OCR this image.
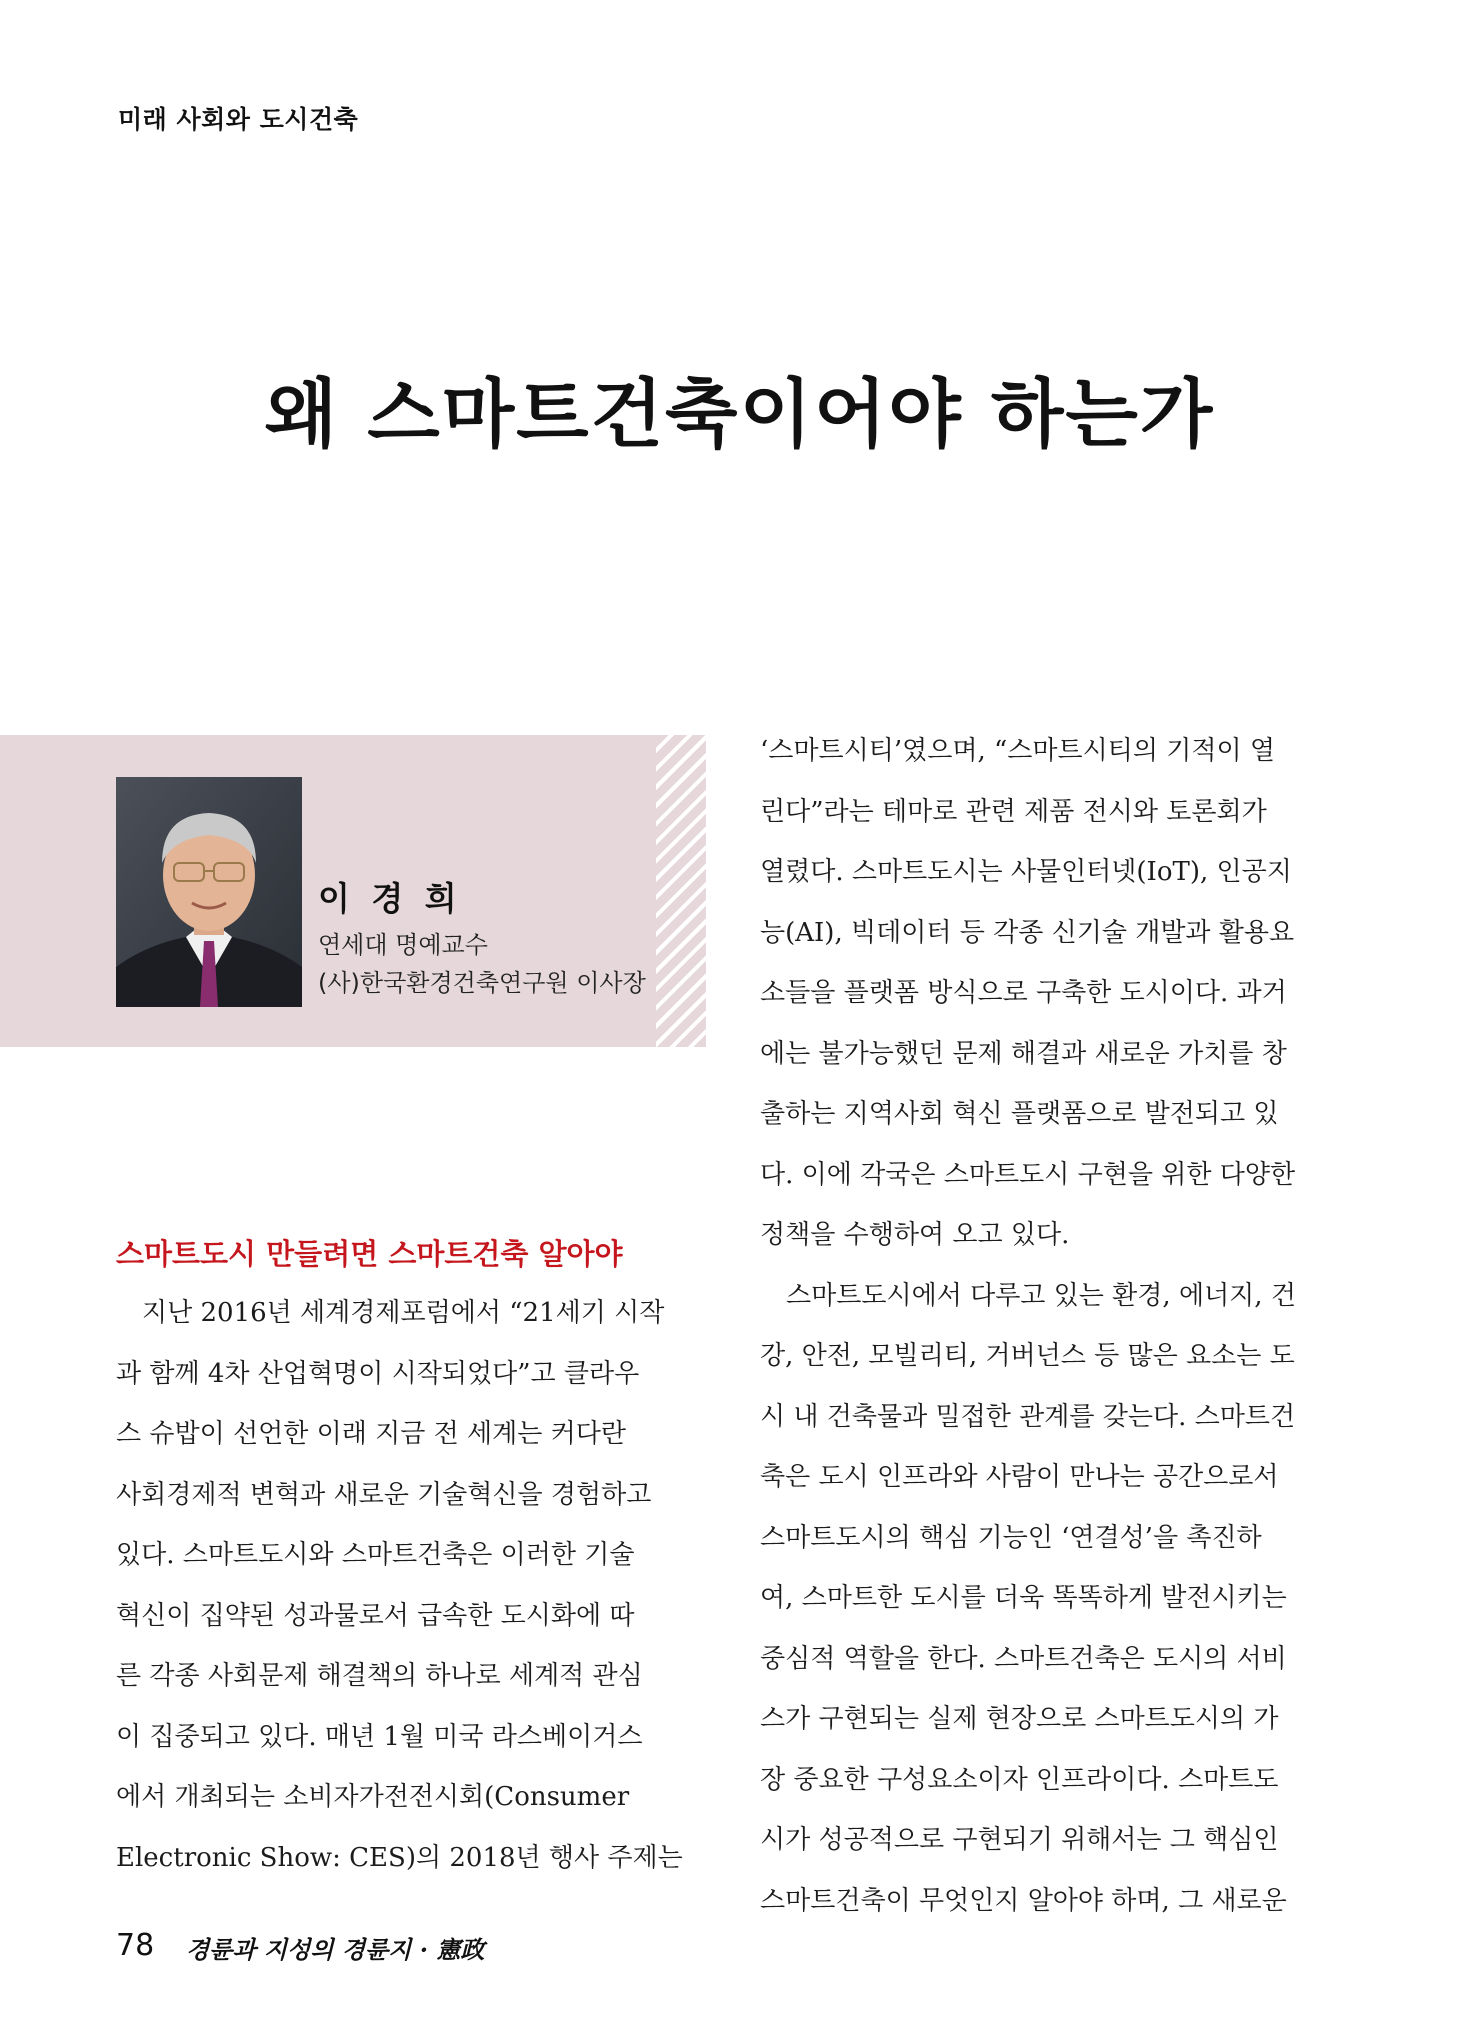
미래 사회와 도시건축
왜 스마트건축이어야 하는가
이 경 희
연세대 명예교수
(사)한국환경건축연구원 이사장
스마트도시 만들려면 스마트건축 알아야
　지난 2016년 세계경제포럼에서 “21세기 시작
과 함께 4차 산업혁명이 시작되었다”고 클라우
스 슈밥이 선언한 이래 지금 전 세계는 커다란
사회경제적 변혁과 새로운 기술혁신을 경험하고
있다. 스마트도시와 스마트건축은 이러한 기술
혁신이 집약된 성과물로서 급속한 도시화에 따
른 각종 사회문제 해결책의 하나로 세계적 관심
이 집중되고 있다. 매년 1월 미국 라스베이거스
에서 개최되는 소비자가전전시회(Consumer
Electronic Show: CES)의 2018년 행사 주제는
‘스마트시티’였으며, “스마트시티의 기적이 열
린다”라는 테마로 관련 제품 전시와 토론회가
열렸다. 스마트도시는 사물인터넷(IoT), 인공지
능(AI), 빅데이터 등 각종 신기술 개발과 활용요
소들을 플랫폼 방식으로 구축한 도시이다. 과거
에는 불가능했던 문제 해결과 새로운 가치를 창
출하는 지역사회 혁신 플랫폼으로 발전되고 있
다. 이에 각국은 스마트도시 구현을 위한 다양한
정책을 수행하여 오고 있다.
　스마트도시에서 다루고 있는 환경, 에너지, 건
강, 안전, 모빌리티, 거버넌스 등 많은 요소는 도
시 내 건축물과 밀접한 관계를 갖는다. 스마트건
축은 도시 인프라와 사람이 만나는 공간으로서
스마트도시의 핵심 기능인 ‘연결성’을 촉진하
여, 스마트한 도시를 더욱 똑똑하게 발전시키는
중심적 역할을 한다. 스마트건축은 도시의 서비
스가 구현되는 실제 현장으로 스마트도시의 가
장 중요한 구성요소이자 인프라이다. 스마트도
시가 성공적으로 구현되기 위해서는 그 핵심인
스마트건축이 무엇인지 알아야 하며, 그 새로운
78 경륜과 지성의 경륜지 · 憲政
